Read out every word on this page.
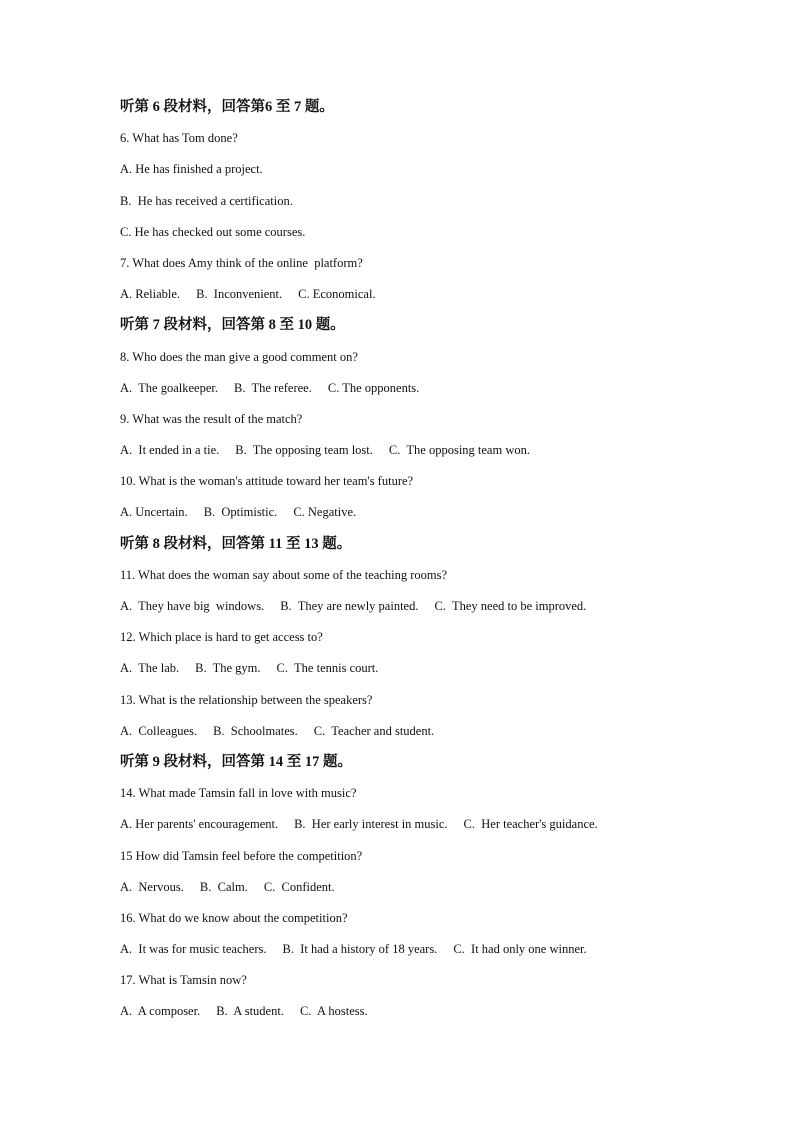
听第 6 段材料，回答第6 至 7 题。
6. What has Tom done?
A. He has finished a project.
B.  He has received a certification.
C. He has checked out some courses.
7. What does Amy think of the online  platform?
A. Reliable. B.  Inconvenient. C. Economical.
听第 7 段材料，回答第 8 至 10 题。
8. Who does the man give a good comment on?
A.  The goalkeeper. B.  The referee. C. The opponents.
9. What was the result of the match?
A.  It ended in a tie. B.  The opposing team lost. C.  The opposing team won.
10. What is the woman's attitude toward her team's future?
A. Uncertain. B.  Optimistic. C. Negative.
听第 8 段材料，回答第 11 至 13 题。
11. What does the woman say about some of the teaching rooms?
A.  They have big  windows. B.  They are newly painted. C.  They need to be improved.
12. Which place is hard to get access to?
A.  The lab. B.  The gym. C.  The tennis court.
13. What is the relationship between the speakers?
A.  Colleagues. B.  Schoolmates. C.  Teacher and student.
听第 9 段材料，回答第 14 至 17 题。
14. What made Tamsin fall in love with music?
A. Her parents' encouragement. B.  Her early interest in music. C.  Her teacher's guidance.
15 How did Tamsin feel before the competition?
A.  Nervous. B.  Calm. C.  Confident.
16. What do we know about the competition?
A.  It was for music teachers. B.  It had a history of 18 years. C.  It had only one winner.
17. What is Tamsin now?
A.  A composer. B.  A student. C.  A hostess.
